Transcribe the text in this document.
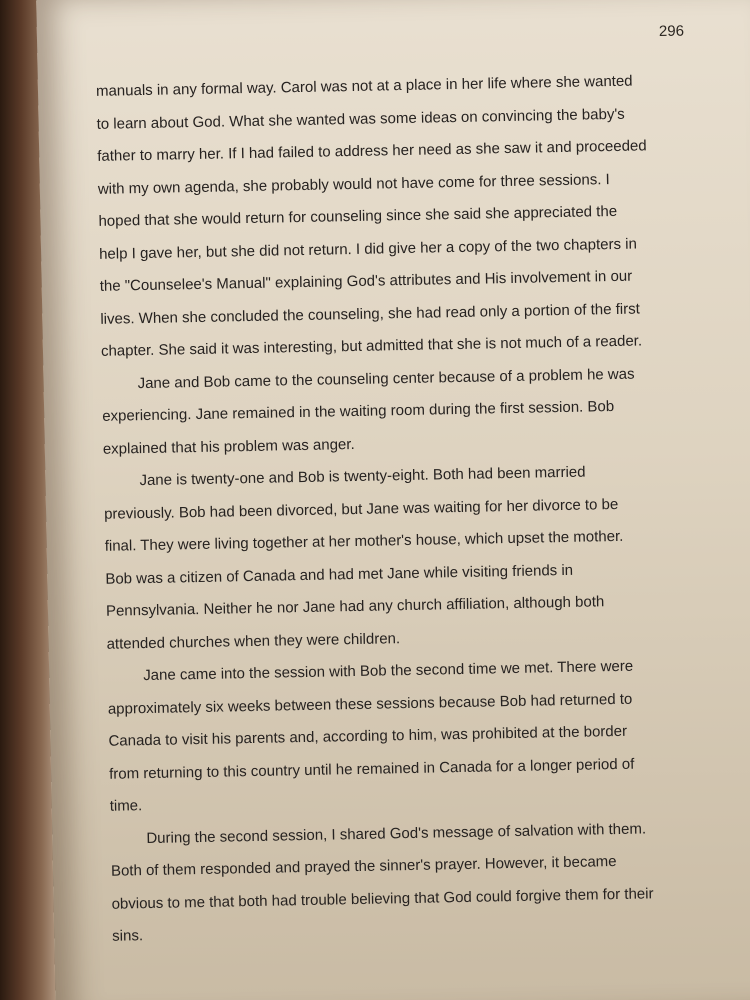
296
manuals in any formal way. Carol was not at a place in her life where she wanted
to learn about God. What she wanted was some ideas on convincing the baby's
father to marry her. If I had failed to address her need as she saw it and proceeded
with my own agenda, she probably would not have come for three sessions. I
hoped that she would return for counseling since she said she appreciated the
help I gave her, but she did not return. I did give her a copy of the two chapters in
the "Counselee's Manual" explaining God's attributes and His involvement in our
lives. When she concluded the counseling, she had read only a portion of the first
chapter. She said it was interesting, but admitted that she is not much of a reader.
Jane and Bob came to the counseling center because of a problem he was
experiencing. Jane remained in the waiting room during the first session. Bob
explained that his problem was anger.
Jane is twenty-one and Bob is twenty-eight. Both had been married
previously. Bob had been divorced, but Jane was waiting for her divorce to be
final. They were living together at her mother's house, which upset the mother.
Bob was a citizen of Canada and had met Jane while visiting friends in
Pennsylvania. Neither he nor Jane had any church affiliation, although both
attended churches when they were children.
Jane came into the session with Bob the second time we met. There were
approximately six weeks between these sessions because Bob had returned to
Canada to visit his parents and, according to him, was prohibited at the border
from returning to this country until he remained in Canada for a longer period of
time.
During the second session, I shared God's message of salvation with them.
Both of them responded and prayed the sinner's prayer. However, it became
obvious to me that both had trouble believing that God could forgive them for their
sins.
